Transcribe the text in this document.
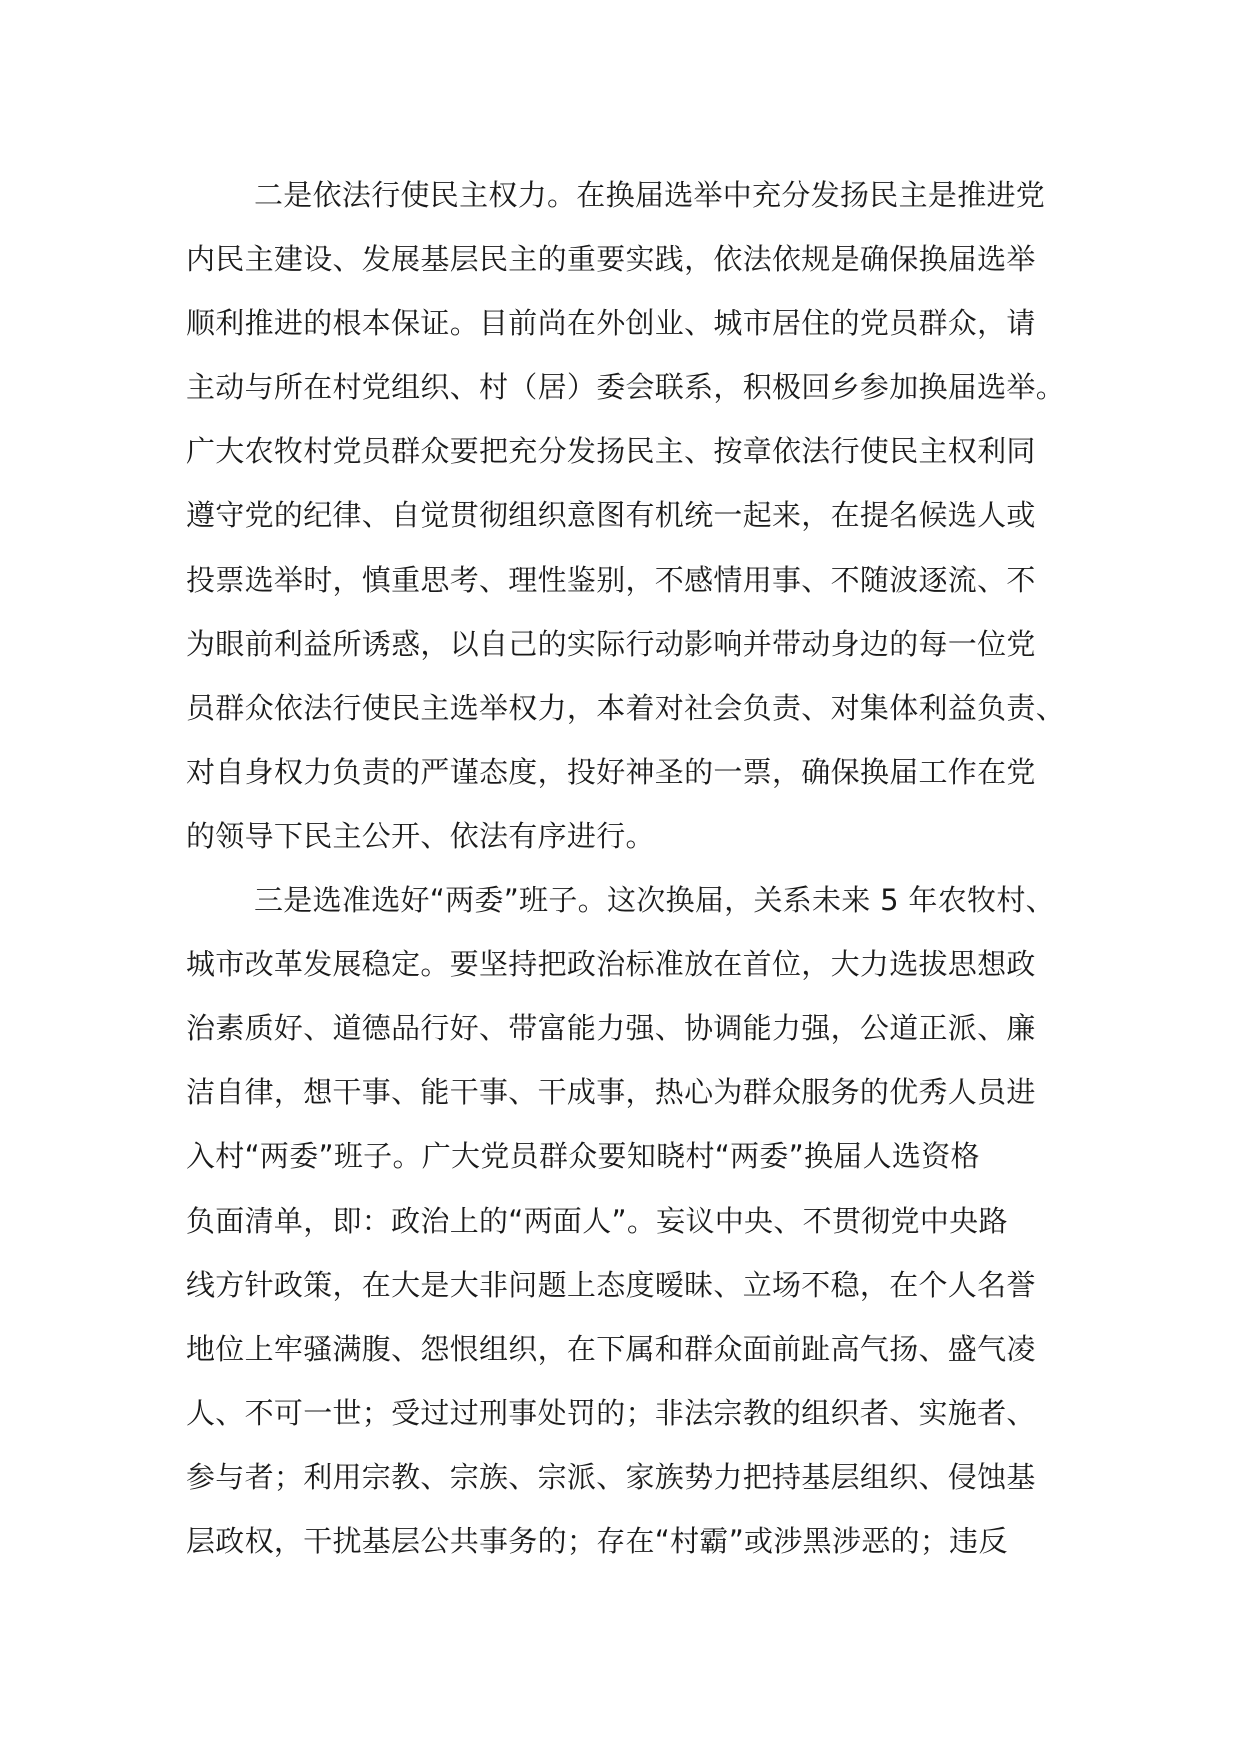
二是依法行使民主权力。在换届选举中充分发扬民主是推进党
内民主建设、发展基层民主的重要实践，依法依规是确保换届选举
顺利推进的根本保证。目前尚在外创业、城市居住的党员群众，请
主动与所在村党组织、村（居）委会联系，积极回乡参加换届选举。
广大农牧村党员群众要把充分发扬民主、按章依法行使民主权利同
遵守党的纪律、自觉贯彻组织意图有机统一起来，在提名候选人或
投票选举时，慎重思考、理性鉴别，不感情用事、不随波逐流、不
为眼前利益所诱惑，以自己的实际行动影响并带动身边的每一位党
员群众依法行使民主选举权力，本着对社会负责、对集体利益负责、
对自身权力负责的严谨态度，投好神圣的一票，确保换届工作在党
的领导下民主公开、依法有序进行。
三是选准选好“两委”班子。这次换届，关系未来 5 年农牧村、
城市改革发展稳定。要坚持把政治标准放在首位，大力选拔思想政
治素质好、道德品行好、带富能力强、协调能力强，公道正派、廉
洁自律，想干事、能干事、干成事，热心为群众服务的优秀人员进
入村“两委”班子。广大党员群众要知晓村“两委”换届人选资格
负面清单，即：政治上的“两面人”。妄议中央、不贯彻党中央路
线方针政策，在大是大非问题上态度暧昧、立场不稳，在个人名誉
地位上牢骚满腹、怨恨组织，在下属和群众面前趾高气扬、盛气凌
人、不可一世；受过过刑事处罚的；非法宗教的组织者、实施者、
参与者；利用宗教、宗族、宗派、家族势力把持基层组织、侵蚀基
层政权，干扰基层公共事务的；存在“村霸”或涉黑涉恶的；违反
